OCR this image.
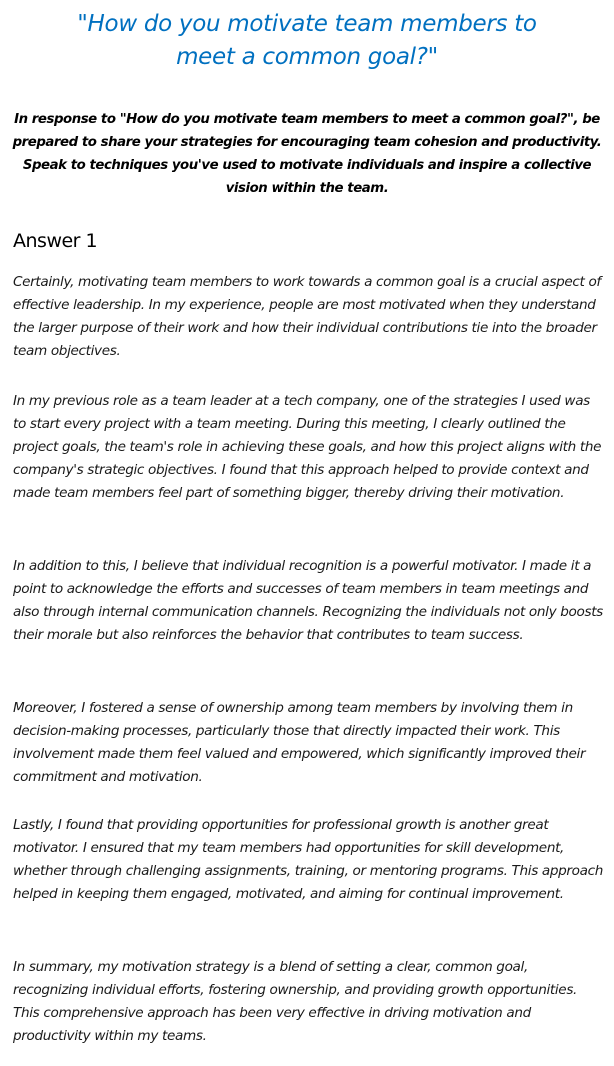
"How do you motivate team members to
meet a common goal?"
In response to "How do you motivate team members to meet a common goal?", be prepared to share your strategies for encouraging team cohesion and productivity. Speak to techniques you've used to motivate individuals and inspire a collective vision within the team.
Answer 1

Certainly, motivating team members to work towards a common goal is a crucial aspect of effective leadership. In my experience, people are most motivated when they understand the larger purpose of their work and how their individual contributions tie into the broader team objectives.

In my previous role as a team leader at a tech company, one of the strategies I used was to start every project with a team meeting. During this meeting, I clearly outlined the project goals, the team's role in achieving these goals, and how this project aligns with the company's strategic objectives. I found that this approach helped to provide context and made team members feel part of something bigger, thereby driving their motivation.

In addition to this, I believe that individual recognition is a powerful motivator. I made it a point to acknowledge the efforts and successes of team members in team meetings and also through internal communication channels. Recognizing the individuals not only boosts their morale but also reinforces the behavior that contributes to team success.

Moreover, I fostered a sense of ownership among team members by involving them in decision-making processes, particularly those that directly impacted their work. This involvement made them feel valued and empowered, which significantly improved their commitment and motivation.

Lastly, I found that providing opportunities for professional growth is another great motivator. I ensured that my team members had opportunities for skill development, whether through challenging assignments, training, or mentoring programs. This approach helped in keeping them engaged, motivated, and aiming for continual improvement.

In summary, my motivation strategy is a blend of setting a clear, common goal, recognizing individual efforts, fostering ownership, and providing growth opportunities. This comprehensive approach has been very effective in driving motivation and productivity within my teams.
